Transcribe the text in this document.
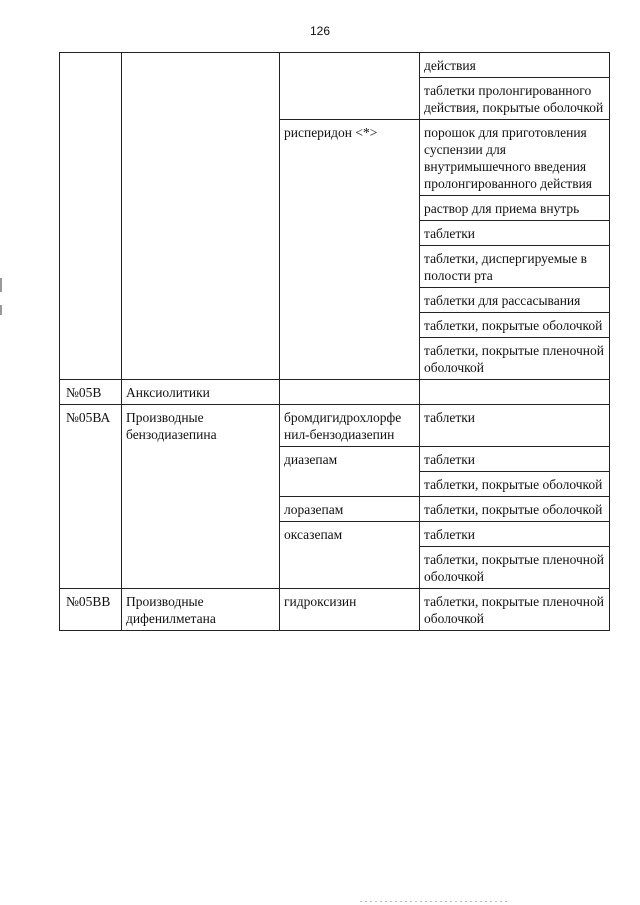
126
			действия
			таблетки пролонгированного действия, покрытые оболочкой
		рисперидон <*>	порошок для приготовления суспензии для внутримышечного введения пролонгированного действия
			раствор для приема внутрь
			таблетки
			таблетки, диспергируемые в полости рта
			таблетки для рассасывания
			таблетки, покрытые оболочкой
			таблетки, покрытые пленочной оболочкой
№05В	Анксиолитики		
№05ВА	Производные бензодиазепина	бромдигидрохлорфе нил-бензодиазепин	таблетки
		диазепам	таблетки
			таблетки, покрытые оболочкой
		лоразепам	таблетки, покрытые оболочкой
		оксазепам	таблетки
			таблетки, покрытые пленочной оболочкой
№05ВВ	Производные дифенилметана	гидроксизин	таблетки, покрытые пленочной оболочкой
